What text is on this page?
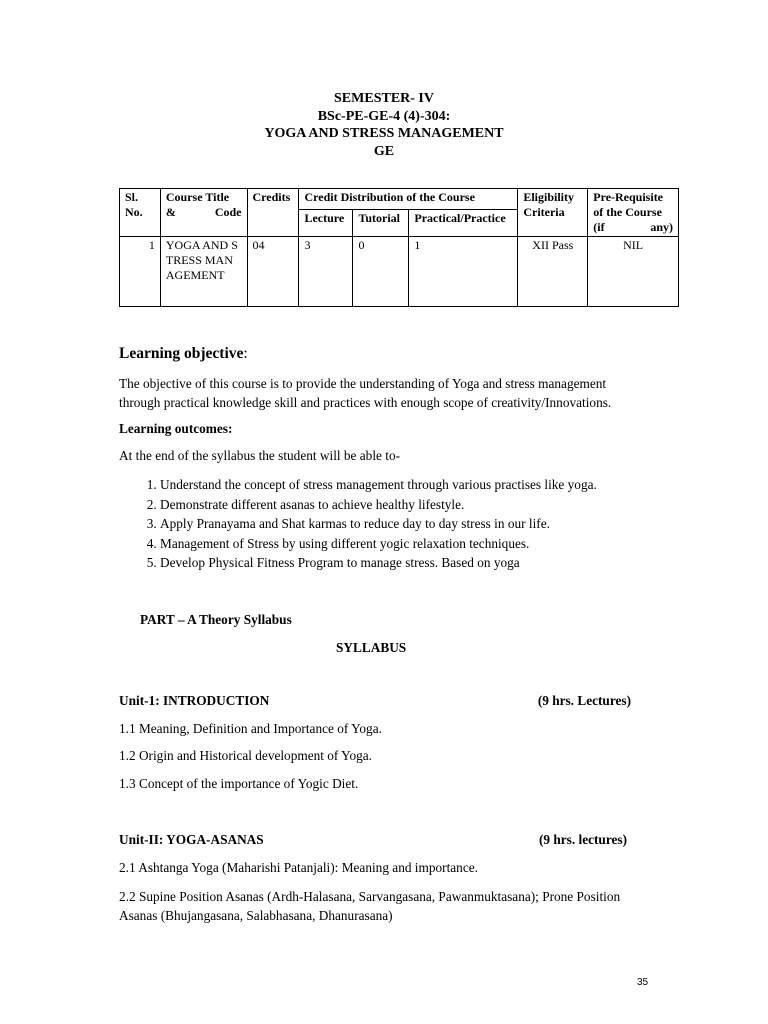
SEMESTER- IV
BSc-PE-GE-4 (4)-304:
YOGA AND STRESS MANAGEMENT
GE
Sl. No.	Course Title & Code	Credits	Credit Distribution of the Course			Eligibility Criteria	Pre-Requisite of the Course (if any)
			Lecture	Tutorial	Practical/Practice		
1	YOGA AND STRESS MANAGEMENT	04	3	0	1	XII Pass	NIL
Learning objective:
The objective of this course is to provide the understanding of Yoga and stress management through practical knowledge skill and practices with enough scope of creativity/Innovations.
Learning outcomes:
At the end of the syllabus the student will be able to-
1. Understand the concept of stress management through various practises like yoga.
2. Demonstrate different asanas to achieve healthy lifestyle.
3. Apply Pranayama and Shat karmas to reduce day to day stress in our life.
4. Management of Stress by using different yogic relaxation techniques.
5. Develop Physical Fitness Program to manage stress. Based on yoga
PART – A Theory Syllabus
SYLLABUS
Unit-1: INTRODUCTION	(9 hrs. Lectures)
1.1 Meaning, Definition and Importance of Yoga.
1.2 Origin and Historical development of Yoga.
1.3 Concept of the importance of Yogic Diet.
Unit-II: YOGA-ASANAS	(9 hrs. lectures)
2.1 Ashtanga Yoga (Maharishi Patanjali): Meaning and importance.
2.2 Supine Position Asanas (Ardh-Halasana, Sarvangasana, Pawanmuktasana); Prone Position Asanas (Bhujangasana, Salabhasana, Dhanurasana)
35
